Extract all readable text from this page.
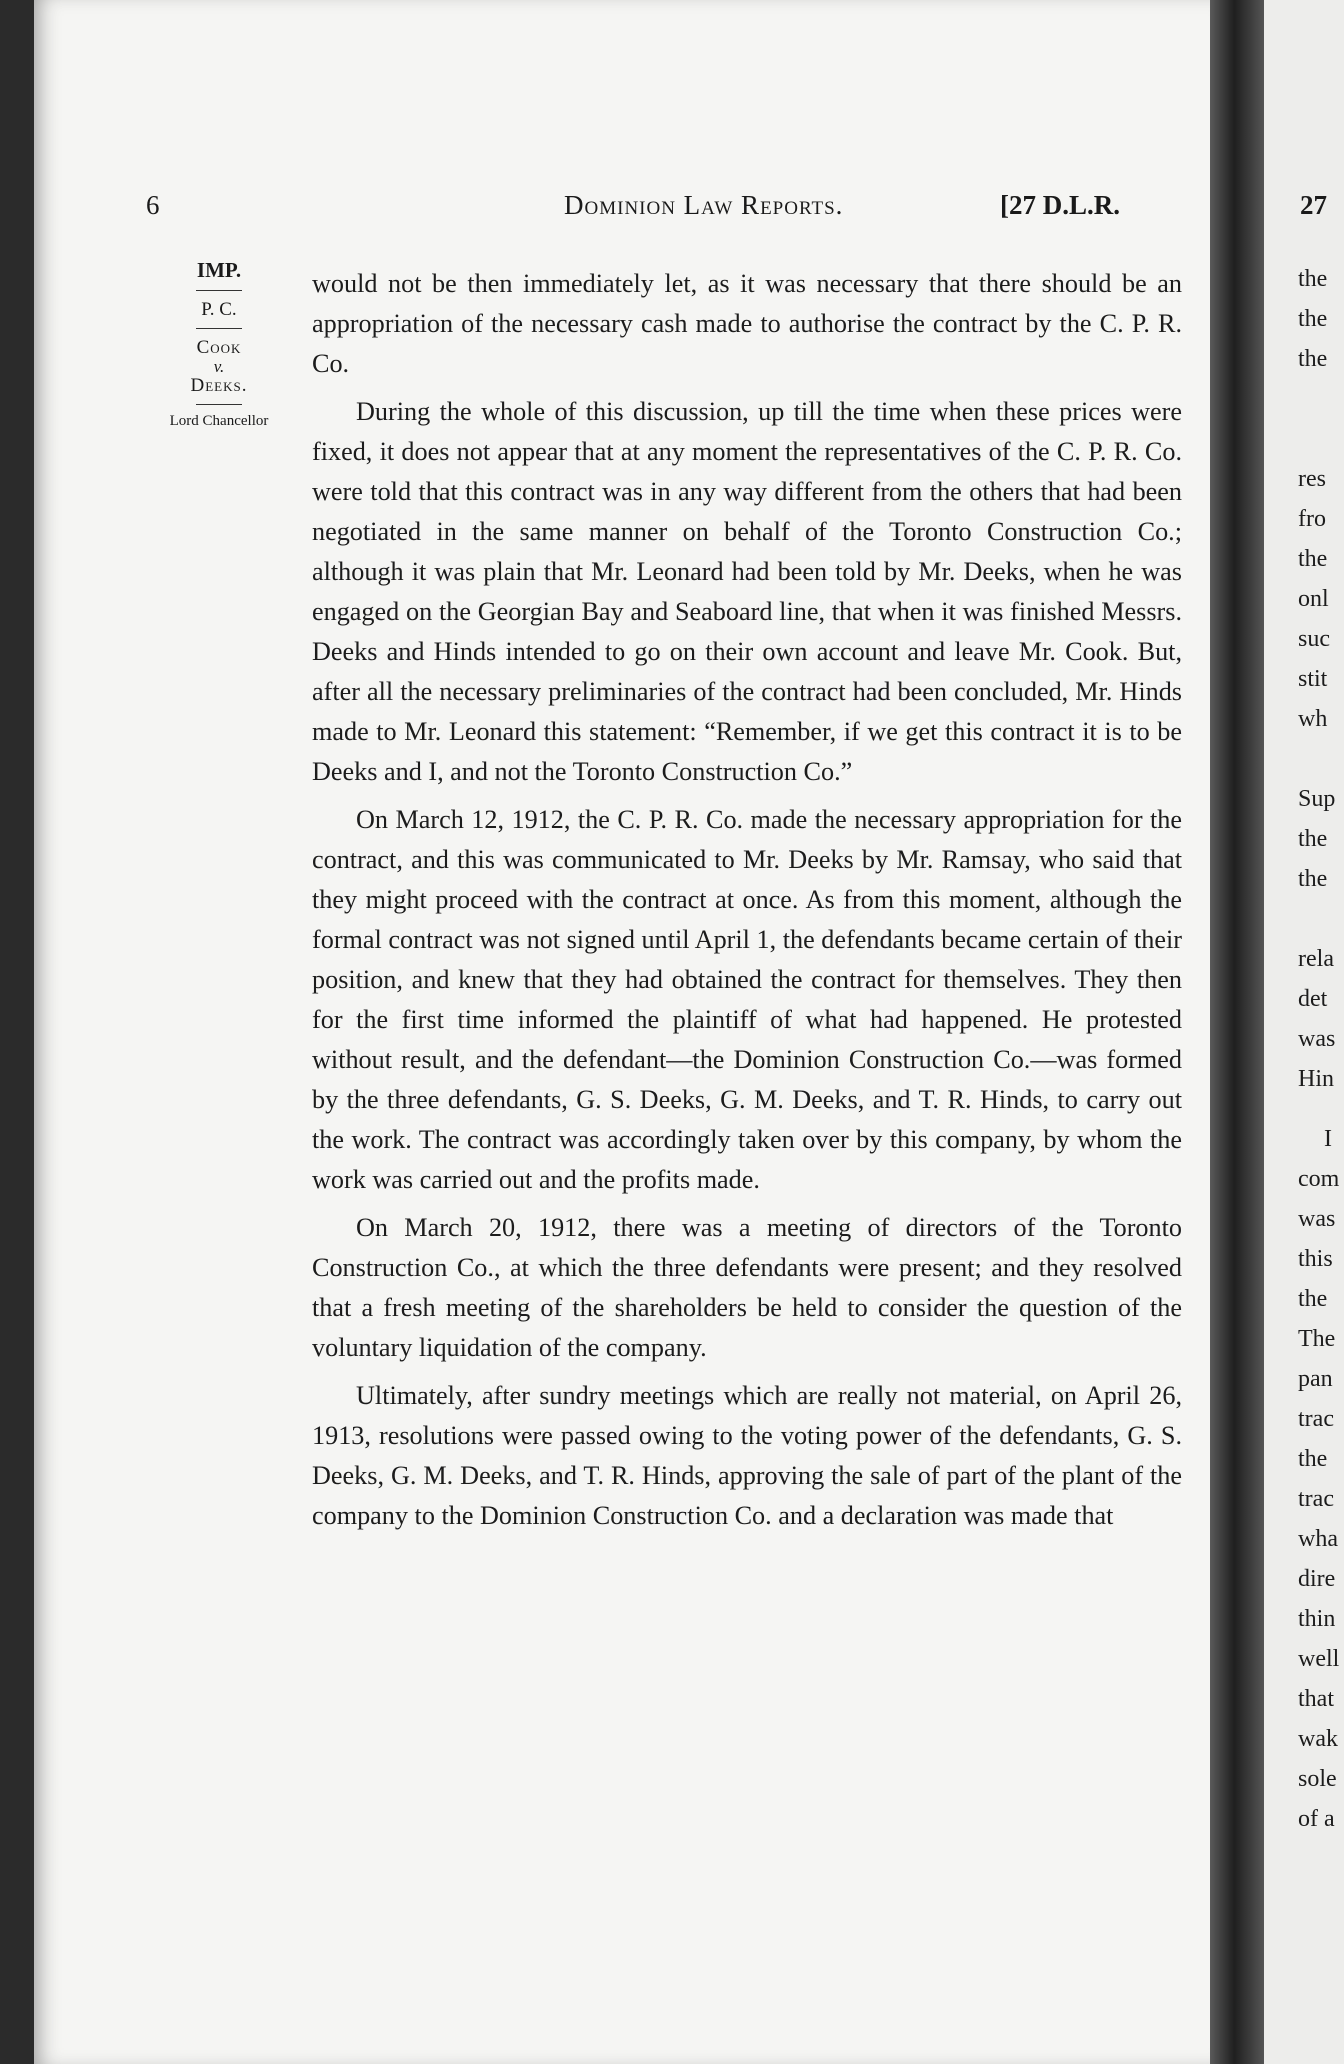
6	Dominion Law Reports.	[27 D.L.R.
IMP.
P. C.
Cook
v.
Deeks.
Lord Chancellor

would not be then immediately let, as it was necessary that there should be an appropriation of the necessary cash made to authorise the contract by the C. P. R. Co.

During the whole of this discussion, up till the time when these prices were fixed, it does not appear that at any moment the representatives of the C. P. R. Co. were told that this contract was in any way different from the others that had been negotiated in the same manner on behalf of the Toronto Construction Co.; although it was plain that Mr. Leonard had been told by Mr. Deeks, when he was engaged on the Georgian Bay and Seaboard line, that when it was finished Messrs. Deeks and Hinds intended to go on their own account and leave Mr. Cook. But, after all the necessary preliminaries of the contract had been concluded, Mr. Hinds made to Mr. Leonard this statement: “Remember, if we get this contract it is to be Deeks and I, and not the Toronto Construction Co.”

On March 12, 1912, the C. P. R. Co. made the necessary appropriation for the contract, and this was communicated to Mr. Deeks by Mr. Ramsay, who said that they might proceed with the contract at once. As from this moment, although the formal contract was not signed until April 1, the defendants became certain of their position, and knew that they had obtained the contract for themselves. They then for the first time informed the plaintiff of what had happened. He protested without result, and the defendant—the Dominion Construction Co.—was formed by the three defendants, G. S. Deeks, G. M. Deeks, and T. R. Hinds, to carry out the work. The contract was accordingly taken over by this company, by whom the work was carried out and the profits made.

On March 20, 1912, there was a meeting of directors of the Toronto Construction Co., at which the three defendants were present; and they resolved that a fresh meeting of the shareholders be held to consider the question of the voluntary liquidation of the company.

Ultimately, after sundry meetings which are really not material, on April 26, 1913, resolutions were passed owing to the voting power of the defendants, G. S. Deeks, G. M. Deeks, and T. R. Hinds, approving the sale of part of the plant of the company to the Dominion Construction Co. and a declaration was made that

27
the
the
the
res
fro
the
onl
suc
stit
wh
Sup
the
the
rela
det
was
Hin
I
com
was
this
the
The
pan
trac
the
trac
wha
dire
thin
well
that
wak
sole
of a
